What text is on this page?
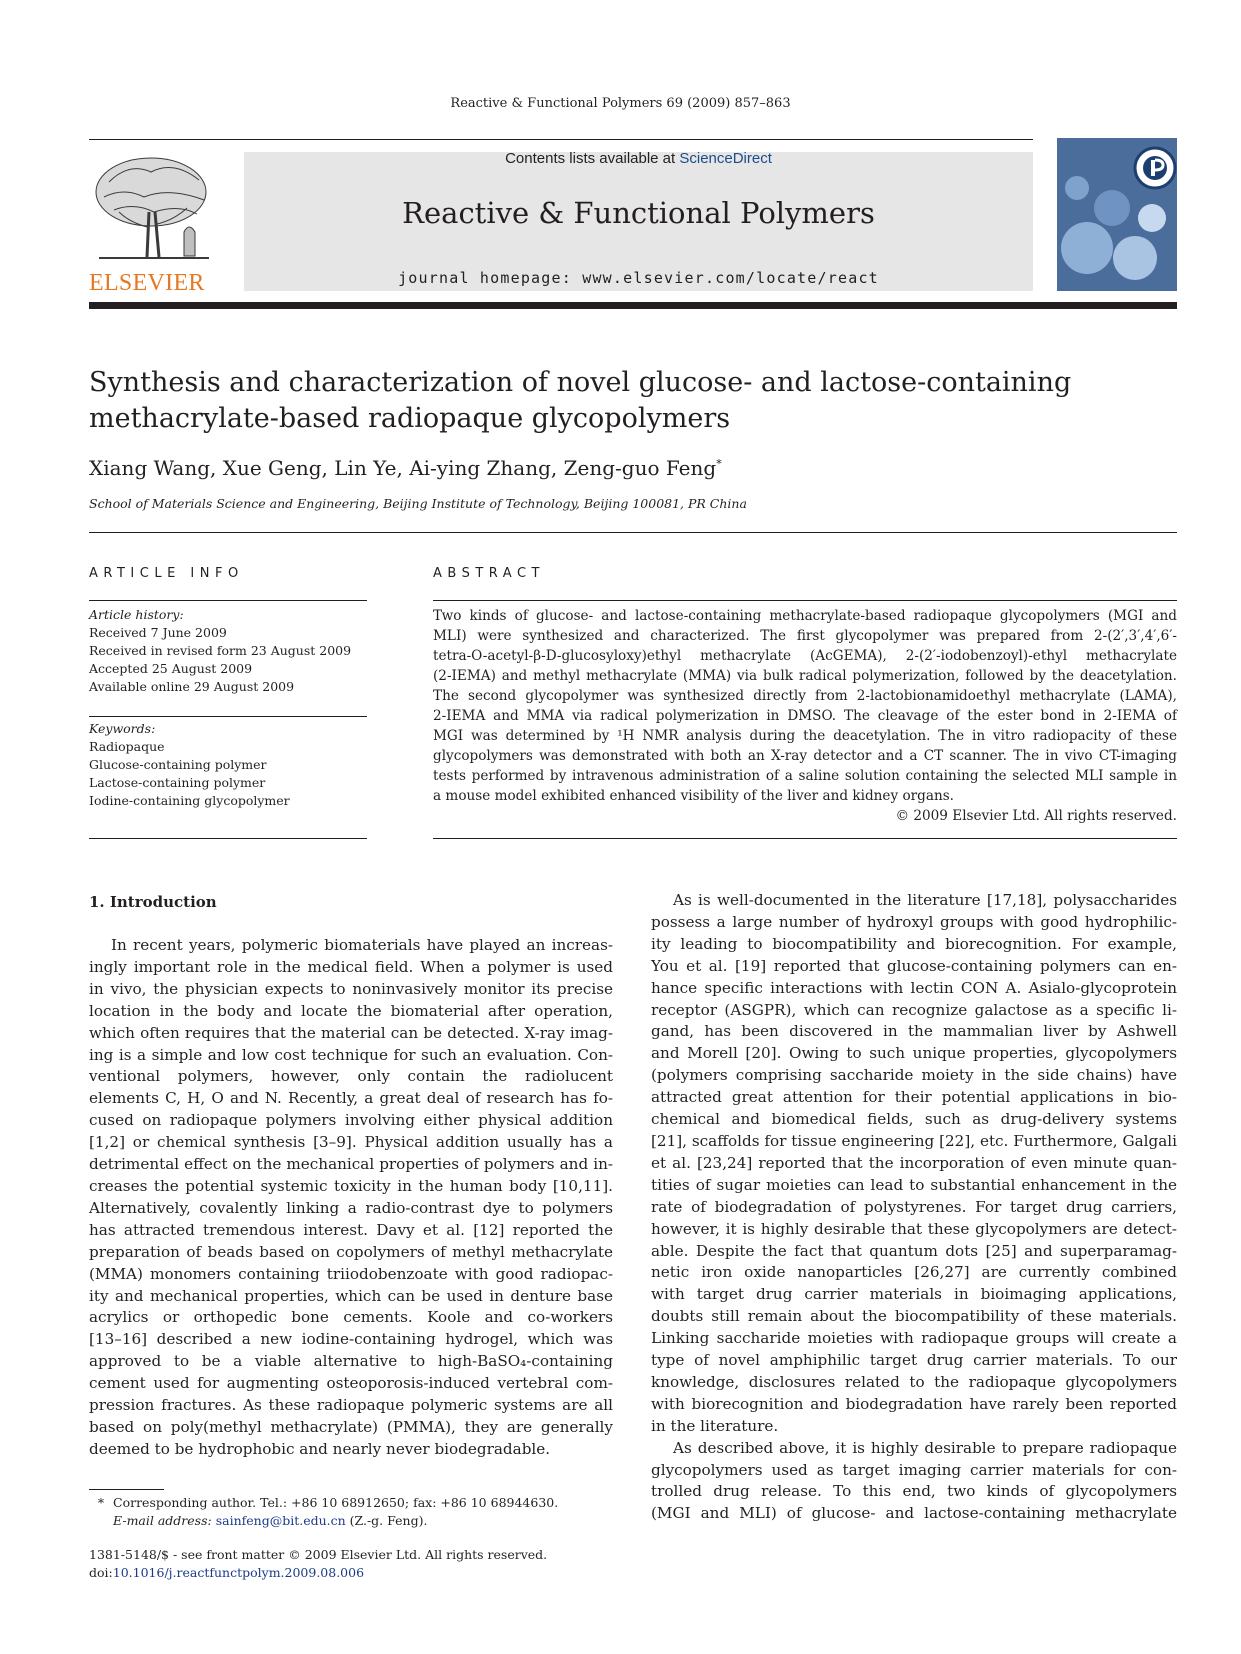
Reactive & Functional Polymers 69 (2009) 857–863
ELSEVIER
Contents lists available at ScienceDirect
Reactive & Functional Polymers
journal homepage: www.elsevier.com/locate/react
Synthesis and characterization of novel glucose- and lactose-containing
methacrylate-based radiopaque glycopolymers
Xiang Wang, Xue Geng, Lin Ye, Ai-ying Zhang, Zeng-guo Feng*
School of Materials Science and Engineering, Beijing Institute of Technology, Beijing 100081, PR China
ARTICLE INFO	ABSTRACT
Article history:
Received 7 June 2009
Received in revised form 23 August 2009
Accepted 25 August 2009
Available online 29 August 2009
Keywords:
Radiopaque
Glucose-containing polymer
Lactose-containing polymer
Iodine-containing glycopolymer
Two kinds of glucose- and lactose-containing methacrylate-based radiopaque glycopolymers (MGI and
MLI) were synthesized and characterized. The first glycopolymer was prepared from 2-(2′,3′,4′,6′-
tetra-O-acetyl-β-D-glucosyloxy)ethyl methacrylate (AcGEMA), 2-(2′-iodobenzoyl)-ethyl methacrylate
(2-IEMA) and methyl methacrylate (MMA) via bulk radical polymerization, followed by the deacetylation.
The second glycopolymer was synthesized directly from 2-lactobionamidoethyl methacrylate (LAMA),
2-IEMA and MMA via radical polymerization in DMSO. The cleavage of the ester bond in 2-IEMA of
MGI was determined by ¹H NMR analysis during the deacetylation. The in vitro radiopacity of these
glycopolymers was demonstrated with both an X-ray detector and a CT scanner. The in vivo CT-imaging
tests performed by intravenous administration of a saline solution containing the selected MLI sample in
a mouse model exhibited enhanced visibility of the liver and kidney organs.
© 2009 Elsevier Ltd. All rights reserved.
1. Introduction
In recent years, polymeric biomaterials have played an increas-
ingly important role in the medical field. When a polymer is used
in vivo, the physician expects to noninvasively monitor its precise
location in the body and locate the biomaterial after operation,
which often requires that the material can be detected. X-ray imag-
ing is a simple and low cost technique for such an evaluation. Con-
ventional polymers, however, only contain the radiolucent
elements C, H, O and N. Recently, a great deal of research has fo-
cused on radiopaque polymers involving either physical addition
[1,2] or chemical synthesis [3–9]. Physical addition usually has a
detrimental effect on the mechanical properties of polymers and in-
creases the potential systemic toxicity in the human body [10,11].
Alternatively, covalently linking a radio-contrast dye to polymers
has attracted tremendous interest. Davy et al. [12] reported the
preparation of beads based on copolymers of methyl methacrylate
(MMA) monomers containing triiodobenzoate with good radiopac-
ity and mechanical properties, which can be used in denture base
acrylics or orthopedic bone cements. Koole and co-workers
[13–16] described a new iodine-containing hydrogel, which was
approved to be a viable alternative to high-BaSO₄-containing
cement used for augmenting osteoporosis-induced vertebral com-
pression fractures. As these radiopaque polymeric systems are all
based on poly(methyl methacrylate) (PMMA), they are generally
deemed to be hydrophobic and nearly never biodegradable.
As is well-documented in the literature [17,18], polysaccharides
possess a large number of hydroxyl groups with good hydrophilic-
ity leading to biocompatibility and biorecognition. For example,
You et al. [19] reported that glucose-containing polymers can en-
hance specific interactions with lectin CON A. Asialo-glycoprotein
receptor (ASGPR), which can recognize galactose as a specific li-
gand, has been discovered in the mammalian liver by Ashwell
and Morell [20]. Owing to such unique properties, glycopolymers
(polymers comprising saccharide moiety in the side chains) have
attracted great attention for their potential applications in bio-
chemical and biomedical fields, such as drug-delivery systems
[21], scaffolds for tissue engineering [22], etc. Furthermore, Galgali
et al. [23,24] reported that the incorporation of even minute quan-
tities of sugar moieties can lead to substantial enhancement in the
rate of biodegradation of polystyrenes. For target drug carriers,
however, it is highly desirable that these glycopolymers are detect-
able. Despite the fact that quantum dots [25] and superparamag-
netic iron oxide nanoparticles [26,27] are currently combined
with target drug carrier materials in bioimaging applications,
doubts still remain about the biocompatibility of these materials.
Linking saccharide moieties with radiopaque groups will create a
type of novel amphiphilic target drug carrier materials. To our
knowledge, disclosures related to the radiopaque glycopolymers
with biorecognition and biodegradation have rarely been reported
in the literature.
As described above, it is highly desirable to prepare radiopaque
glycopolymers used as target imaging carrier materials for con-
trolled drug release. To this end, two kinds of glycopolymers
(MGI and MLI) of glucose- and lactose-containing methacrylate
* Corresponding author. Tel.: +86 10 68912650; fax: +86 10 68944630.
E-mail address: sainfeng@bit.edu.cn (Z.-g. Feng).
1381-5148/$ - see front matter © 2009 Elsevier Ltd. All rights reserved.
doi:10.1016/j.reactfunctpolym.2009.08.006
